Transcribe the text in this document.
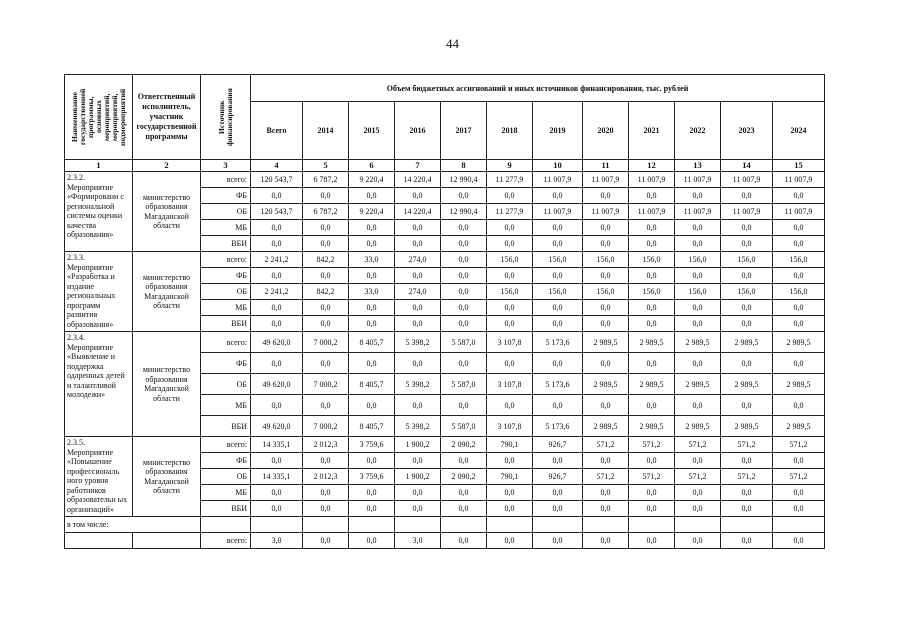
44
Наименование государственной программы, основных мероприятий, мероприятий, подмероприятий	Ответственный исполнитель, участник государственной программы	Источник финансирования	Объем бюджетных ассигнований и иных источников финансирования, тыс. рублей											
			Всего	2014	2015	2016	2017	2018	2019	2020	2021	2022	2023	2024
1	2	3	4	5	6	7	8	9	10	11	12	13	14	15
2.3.2. Мероприятие «Формировани с региональной системы оценки качества образования»	министерство образования Магаданской области	всего:	120 543,7	6 787,2	9 220,4	14 220,4	12 990,4	11 277,9	11 007,9	11 007,9	11 007,9	11 007,9	11 007,9	11 007,9
		ФБ	0,0	0,0	0,0	0,0	0,0	0,0	0,0	0,0	0,0	0,0	0,0	0,0
		ОБ	120 543,7	6 787,2	9 220,4	14 220,4	12 990,4	11 277,9	11 007,9	11 007,9	11 007,9	11 007,9	11 007,9	11 007,9
		МБ	0,0	0,0	0,0	0,0	0,0	0,0	0,0	0,0	0,0	0,0	0,0	0,0
		ВБИ	0,0	0,0	0,0	0,0	0,0	0,0	0,0	0,0	0,0	0,0	0,0	0,0
2.3.3. Мероприятие «Разработка и издание региональных программ развития образования»	министерство образования Магаданской области	всего:	2 241,2	842,2	33,0	274,0	0,0	156,0	156,0	156,0	156,0	156,0	156,0	156,0
		ФБ	0,0	0,0	0,0	0,0	0,0	0,0	0,0	0,0	0,0	0,0	0,0	0,0
		ОБ	2 241,2	842,2	33,0	274,0	0,0	156,0	156,0	156,0	156,0	156,0	156,0	156,0
		МБ	0,0	0,0	0,0	0,0	0,0	0,0	0,0	0,0	0,0	0,0	0,0	0,0
		ВБИ	0,0	0,0	0,0	0,0	0,0	0,0	0,0	0,0	0,0	0,0	0,0	0,0
2.3.4. Мероприятие «Выявление и поддержка одаренных детей и талантливой молодежи»	министерство образования Магаданской области	всего:	49 620,0	7 000,2	8 405,7	5 398,2	5 587,0	3 107,8	5 173,6	2 989,5	2 989,5	2 989,5	2 989,5	2 989,5
		ФБ	0,0	0,0	0,0	0,0	0,0	0,0	0,0	0,0	0,0	0,0	0,0	0,0
		ОБ	49 620,0	7 000,2	8 405,7	5 398,2	5 587,0	3 107,8	5 173,6	2 989,5	2 989,5	2 989,5	2 989,5	2 989,5
		МБ	0,0	0,0	0,0	0,0	0,0	0,0	0,0	0,0	0,0	0,0	0,0	0,0
		ВБИ	49 620,0	7 000,2	8 405,7	5 398,2	5 587,0	3 107,8	5 173,6	2 989,5	2 989,5	2 989,5	2 989,5	2 989,5
2.3.5. Мероприятие «Повышение профессиональ ного уровня работников образовательн ых организаций»	министерство образования Магаданской области	всего:	14 335,1	2 012,3	3 759,6	1 900,2	2 090,2	790,1	926,7	571,2	571,2	571,2	571,2	571,2
		ФБ	0,0	0,0	0,0	0,0	0,0	0,0	0,0	0,0	0,0	0,0	0,0	0,0
		ОБ	14 335,1	2 012,3	3 759,6	1 900,2	2 090,2	790,1	926,7	571,2	571,2	571,2	571,2	571,2
		МБ	0,0	0,0	0,0	0,0	0,0	0,0	0,0	0,0	0,0	0,0	0,0	0,0
		ВБИ	0,0	0,0	0,0	0,0	0,0	0,0	0,0	0,0	0,0	0,0	0,0	0,0
в том числе:														
		всего:	3,0	0,0	0,0	3,0	0,0	0,0	0,0	0,0	0,0	0,0	0,0	0,0
